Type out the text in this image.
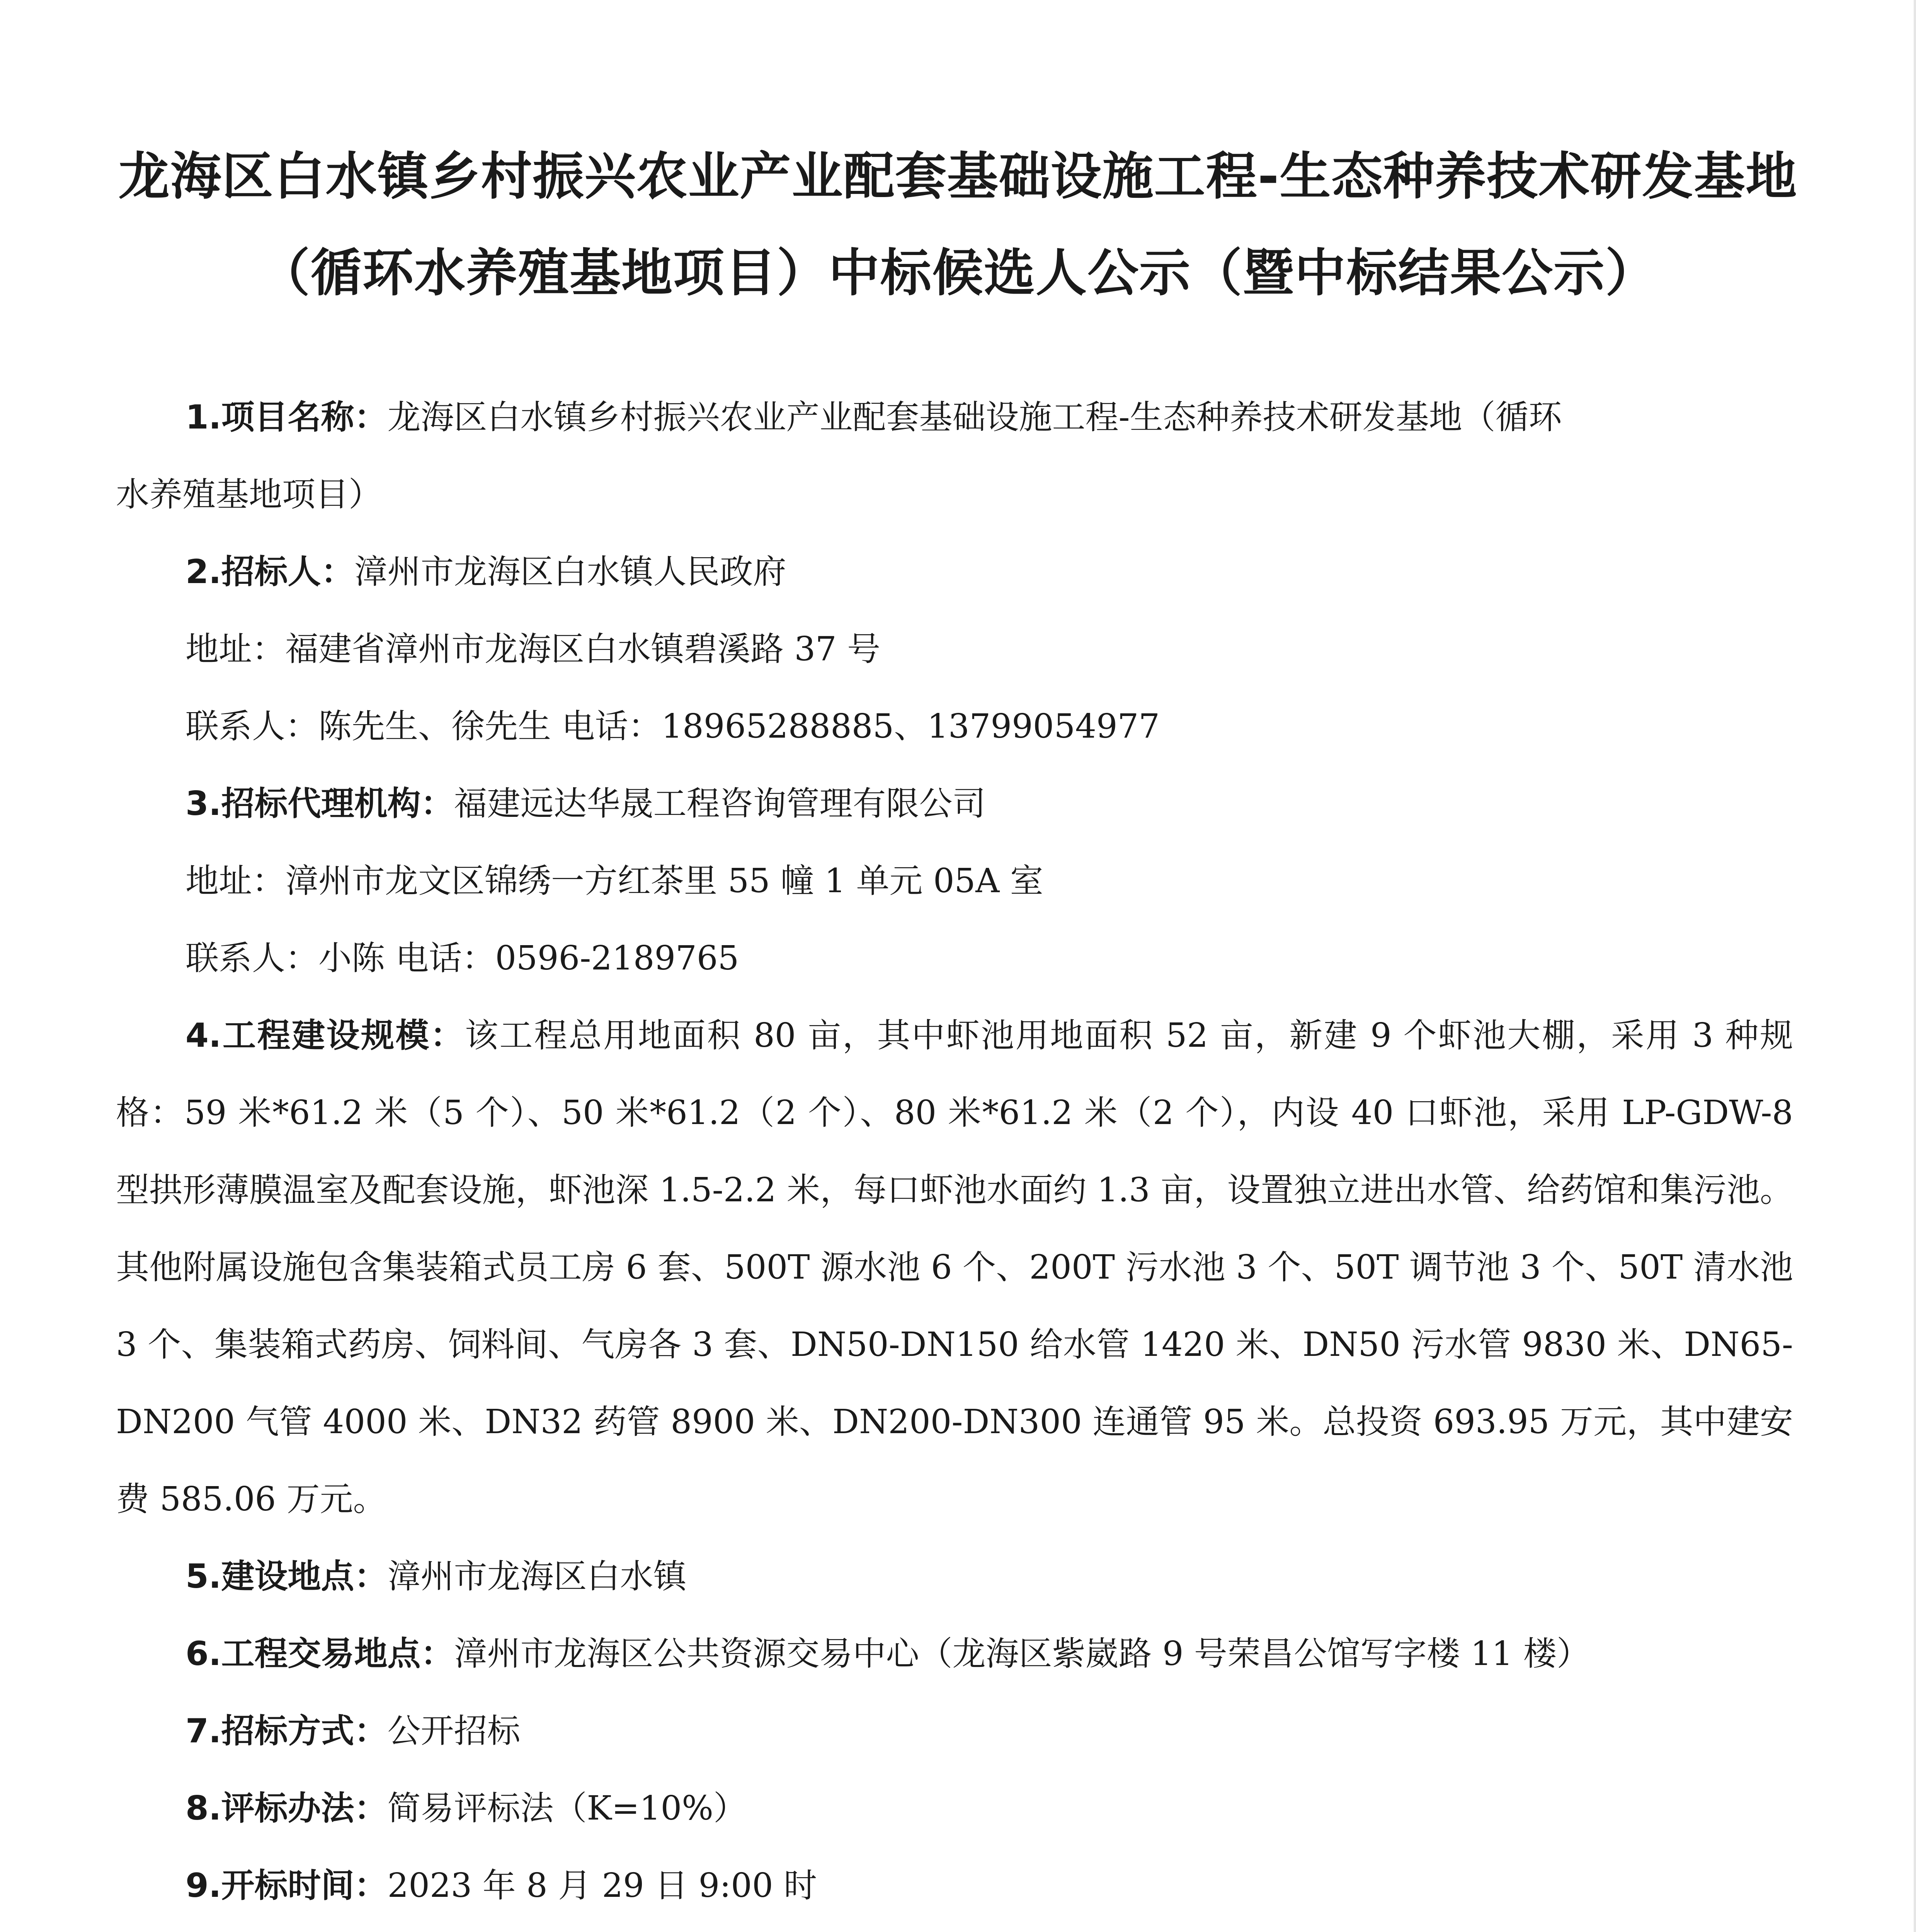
龙海区白水镇乡村振兴农业产业配套基础设施工程-生态种养技术研发基地
（循环水养殖基地项目）中标候选人公示（暨中标结果公示）
1.项目名称：龙海区白水镇乡村振兴农业产业配套基础设施工程-生态种养技术研发基地（循环
水养殖基地项目）
2.招标人：漳州市龙海区白水镇人民政府
地址：福建省漳州市龙海区白水镇碧溪路 37 号
联系人：陈先生、徐先生 电话：18965288885、13799054977
3.招标代理机构：福建远达华晟工程咨询管理有限公司
地址：漳州市龙文区锦绣一方红茶里 55 幢 1 单元 05A 室
联系人：小陈 电话：0596-2189765
4.工程建设规模：该工程总用地面积 80 亩，其中虾池用地面积 52 亩，新建 9 个虾池大棚，采用 3 种规格：59 米*61.2 米（5 个）、50 米*61.2（2 个）、80 米*61.2 米（2 个），内设 40 口虾池，采用 LP-GDW-8 型拱形薄膜温室及配套设施，虾池深 1.5-2.2 米，每口虾池水面约 1.3 亩，设置独立进出水管、给药馆和集污池。其他附属设施包含集装箱式员工房 6 套、500T 源水池 6 个、200T 污水池 3 个、50T 调节池 3 个、50T 清水池 3 个、集装箱式药房、饲料间、气房各 3 套、DN50-DN150 给水管 1420 米、DN50 污水管 9830 米、DN65-DN200 气管 4000 米、DN32 药管 8900 米、DN200-DN300 连通管 95 米。总投资 693.95 万元，其中建安费 585.06 万元。
5.建设地点：漳州市龙海区白水镇
6.工程交易地点：漳州市龙海区公共资源交易中心（龙海区紫崴路 9 号荣昌公馆写字楼 11 楼）
7.招标方式：公开招标
8.评标办法：简易评标法（K=10%）
9.开标时间：2023 年 8 月 29 日 9:00 时
